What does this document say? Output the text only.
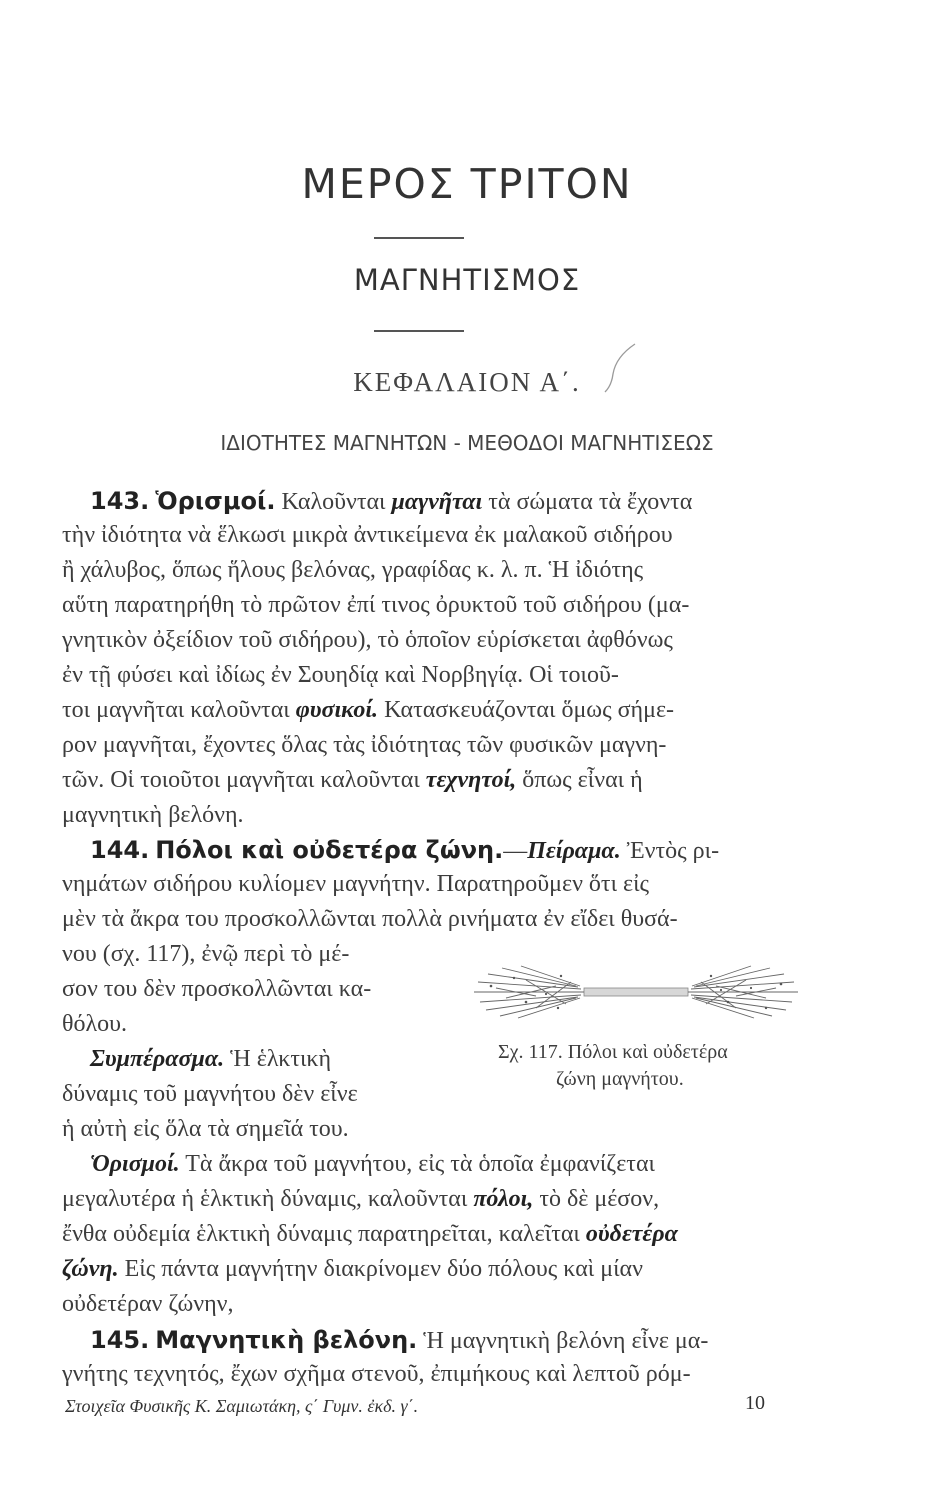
ΜΕΡΟΣ ΤΡΙΤΟΝ
ΜΑΓΝΗΤΙΣΜΟΣ
ΚΕΦΑΛΑΙΟΝ Α΄.
ΙΔΙΟΤΗΤΕΣ ΜΑΓΝΗΤΩΝ - ΜΕΘΟΔΟΙ ΜΑΓΝΗΤΙΣΕΩΣ
143. Ὁρισμοί. Καλοῦνται μαγνῆται τὰ σώματα τὰ ἔχοντα
τὴν ἰδιότητα νὰ ἕλκωσι μικρὰ ἀντικείμενα ἐκ μαλακοῦ σιδήρου
ἢ χάλυβος, ὅπως ἥλους βελόνας, γραφίδας κ. λ. π. Ἡ ἰδιότης
αὕτη παρατηρήθη τὸ πρῶτον ἐπί τινος ὀρυκτοῦ τοῦ σιδήρου (μα-
γνητικὸν ὀξείδιον τοῦ σιδήρου), τὸ ὁποῖον εὑρίσκεται ἀφθόνως
ἐν τῇ φύσει καὶ ἰδίως ἐν Σουηδίᾳ καὶ Νορβηγίᾳ. Οἱ τοιοῦ-
τοι μαγνῆται καλοῦνται φυσικοί. Κατασκευάζονται ὅμως σήμε-
ρον μαγνῆται, ἔχοντες ὅλας τὰς ἰδιότητας τῶν φυσικῶν μαγνη-
τῶν. Οἱ τοιοῦτοι μαγνῆται καλοῦνται τεχνητοί, ὅπως εἶναι ἡ
μαγνητικὴ βελόνη.
144. Πόλοι καὶ οὐδετέρα ζώνη.—Πείραμα. Ἐντὸς ρι-
νημάτων σιδήρου κυλίομεν μαγνήτην. Παρατηροῦμεν ὅτι εἰς
μὲν τὰ ἄκρα του προσκολλῶνται πολλὰ ρινήματα ἐν εἴδει θυσά-
νου (σχ. 117), ἐνῷ περὶ τὸ μέ-
σον του δὲν προσκολλῶνται κα-
θόλου.
Συμπέρασμα. Ἡ ἑλκτικὴ
δύναμις τοῦ μαγνήτου δὲν εἶνε
ἡ αὐτὴ εἰς ὅλα τὰ σημεῖά του.
Ὁρισμοί. Τὰ ἄκρα τοῦ μαγνήτου, εἰς τὰ ὁποῖα ἐμφανίζεται
μεγαλυτέρα ἡ ἑλκτικὴ δύναμις, καλοῦνται πόλοι, τὸ δὲ μέσον,
ἔνθα οὐδεμία ἑλκτικὴ δύναμις παρατηρεῖται, καλεῖται οὐδετέρα
ζώνη. Εἰς πάντα μαγνήτην διακρίνομεν δύο πόλους καὶ μίαν
οὐδετέραν ζώνην,
145. Μαγνητικὴ βελόνη. Ἡ μαγνητικὴ βελόνη εἶνε μα-
γνήτης τεχνητός, ἔχων σχῆμα στενοῦ, ἐπιμήκους καὶ λεπτοῦ ρόμ-
Σχ. 117. Πόλοι καὶ οὐδετέρα
ζώνη μαγνήτου.
Στοιχεῖα Φυσικῆς Κ. Σαμιωτάκη, ς΄ Γυμν. ἐκδ. γ΄.	10
